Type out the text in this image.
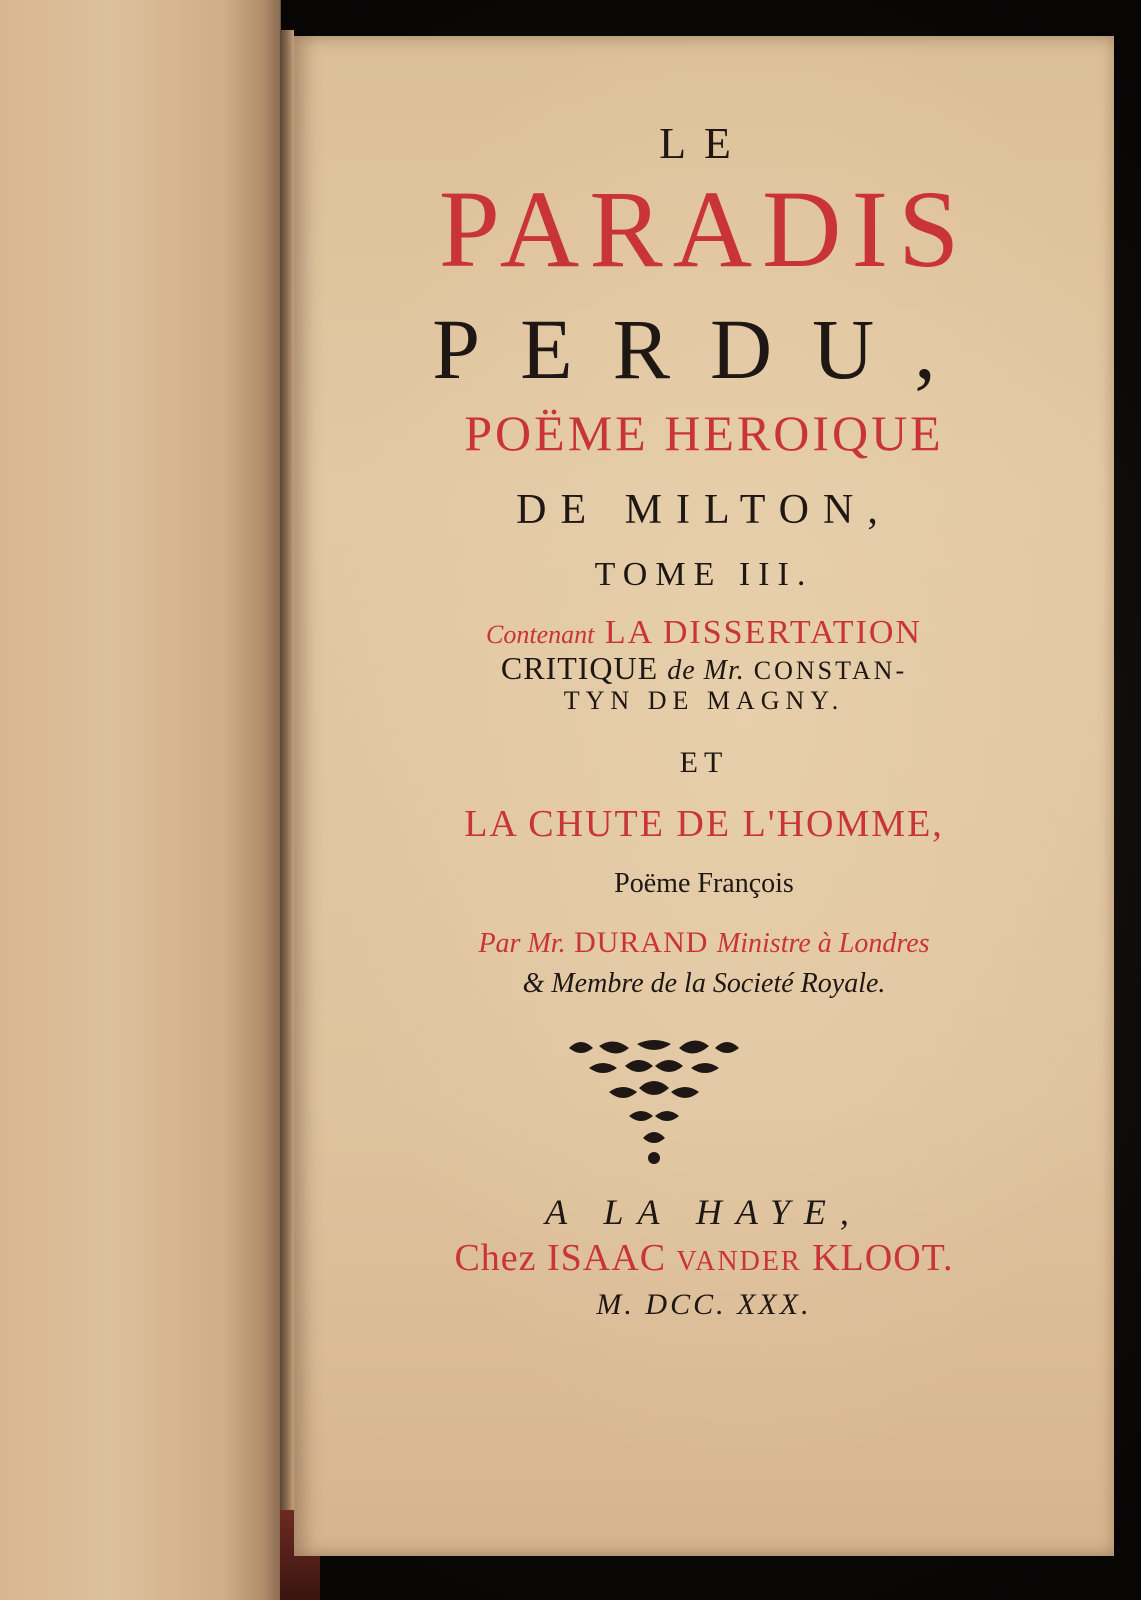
LE
PARADIS
PERDU,
POËME HEROIQUE
DE MILTON,
TOME III.
Contenant LA DISSERTATION
CRITIQUE de Mr. CONSTAN-
TYN DE MAGNY.
ET
LA CHUTE DE L'HOMME,
Poëme François
Par Mr. DURAND Ministre à Londres
& Membre de la Societé Royale.
A LA HAYE,
Chez ISAAC VANDER KLOOT.
M. DCC. XXX.
